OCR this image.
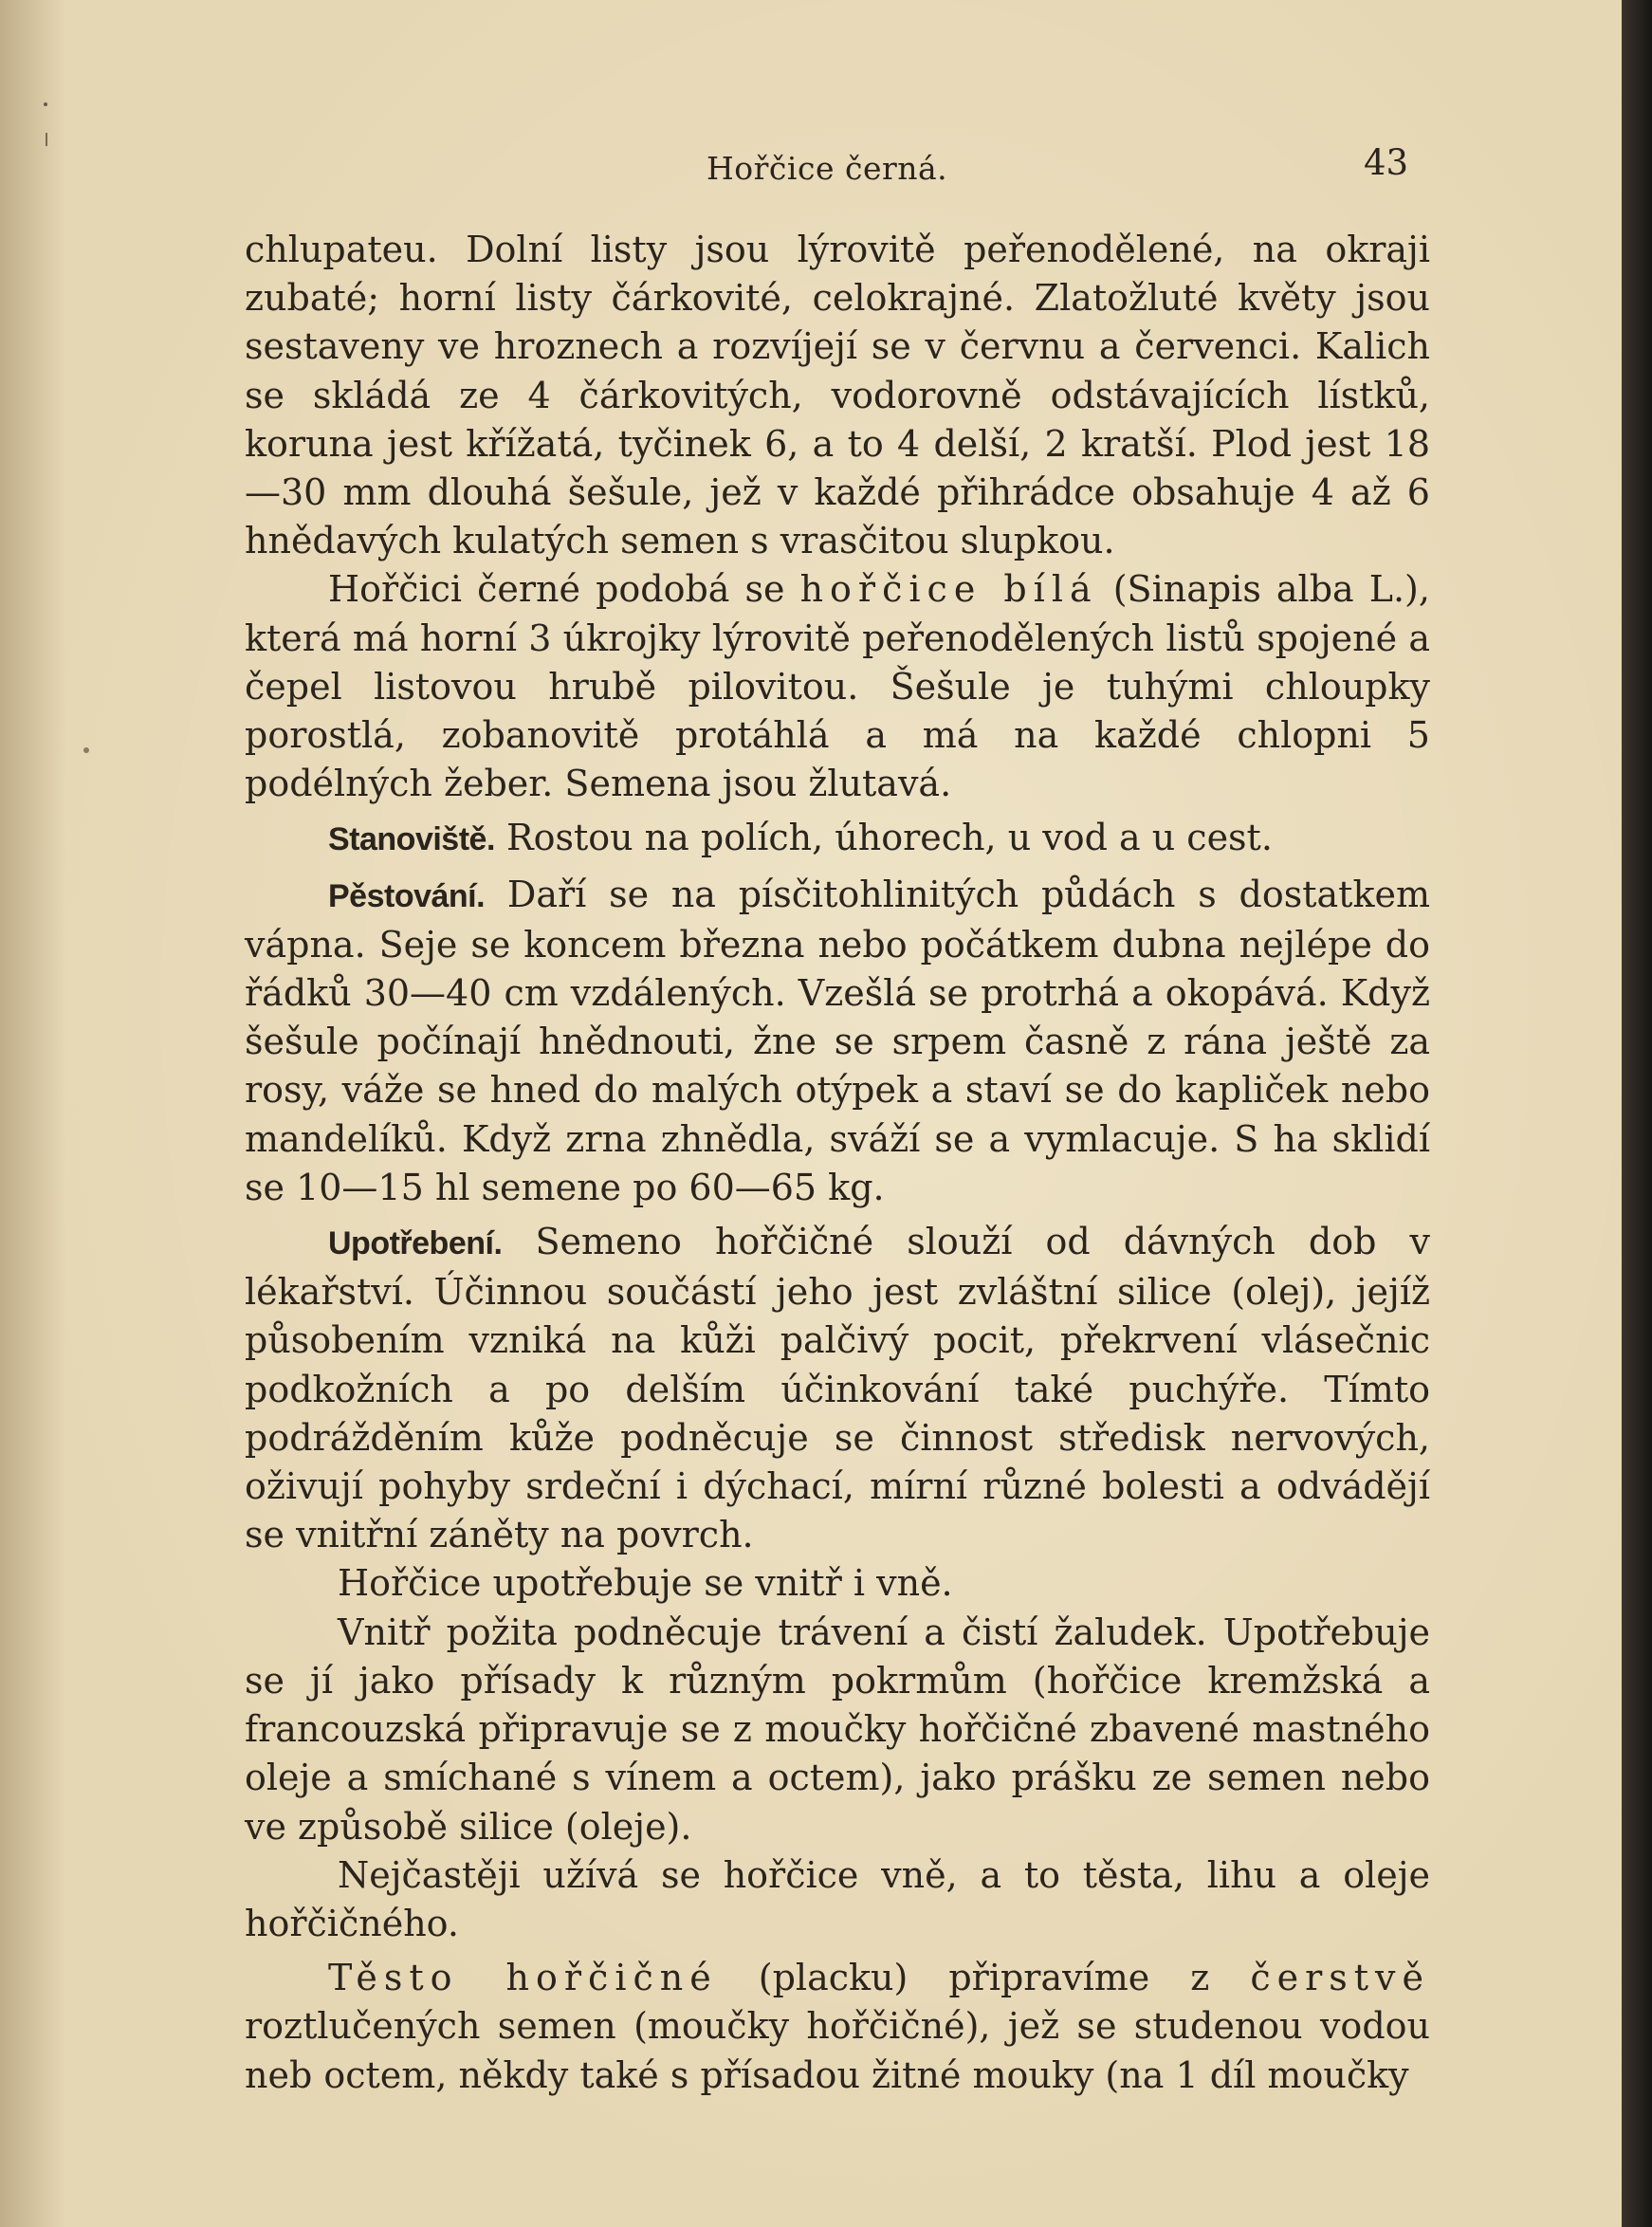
Hořčice černá.	43

chlupateu. Dolní listy jsou lýrovitě peřenodělené, na okraji zubaté; horní listy čárkovité, celokrajné. Zlatožluté květy jsou sestaveny ve hroznech a rozvíjejí se v červnu a červenci. Kalich se skládá ze 4 čárkovitých, vodorovně odstávajících lístků, koruna jest křížatá, tyčinek 6, a to 4 delší, 2 kratší. Plod jest 18—30 mm dlouhá šešule, jež v každé přihrádce obsahuje 4 až 6 hnědavých kulatých semen s vrasčitou slupkou.

Hořčici černé podobá se hořčice bílá (Sinapis alba L.), která má horní 3 úkrojky lýrovitě peřenodělených listů spojené a čepel listovou hrubě pilovitou. Šešule je tuhými chloupky porostlá, zobanovitě protáhlá a má na každé chlopni 5 podélných žeber. Semena jsou žlutavá.

Stanoviště. Rostou na polích, úhorech, u vod a u cest.

Pěstování. Daří se na písčitohlinitých půdách s dostatkem vápna. Seje se koncem března nebo počátkem dubna nejlépe do řádků 30—40 cm vzdálených. Vzešlá se protrhá a okopává. Když šešule počínají hnědnouti, žne se srpem časně z rána ještě za rosy, váže se hned do malých otýpek a staví se do kapliček nebo mandelíků. Když zrna zhnědla, sváží se a vymlacuje. S ha sklidí se 10—15 hl semene po 60—65 kg.

Upotřebení. Semeno hořčičné slouží od dávných dob v lékařství. Účinnou součástí jeho jest zvláštní silice (olej), jejíž působením vzniká na kůži palčivý pocit, překrvení vlásečnic podkožních a po delším účinkování také puchýře. Tímto podrážděním kůže podněcuje se činnost středisk nervových, oživují pohyby srdeční i dýchací, mírní různé bolesti a odvádějí se vnitřní záněty na povrch.

Hořčice upotřebuje se vnitř i vně.

Vnitř požita podněcuje trávení a čistí žaludek. Upotřebuje se jí jako přísady k různým pokrmům (hořčice kremžská a francouzská připravuje se z moučky hořčičné zbavené mastného oleje a smíchané s vínem a octem), jako prášku ze semen nebo ve způsobě silice (oleje).

Nejčastěji užívá se hořčice vně, a to těsta, lihu a oleje hořčičného.

Těsto hořčičné (placku) připravíme z čerstvě roztlučených semen (moučky hořčičné), jež se studenou vodou neb octem, někdy také s přísadou žitné mouky (na 1 díl moučky
